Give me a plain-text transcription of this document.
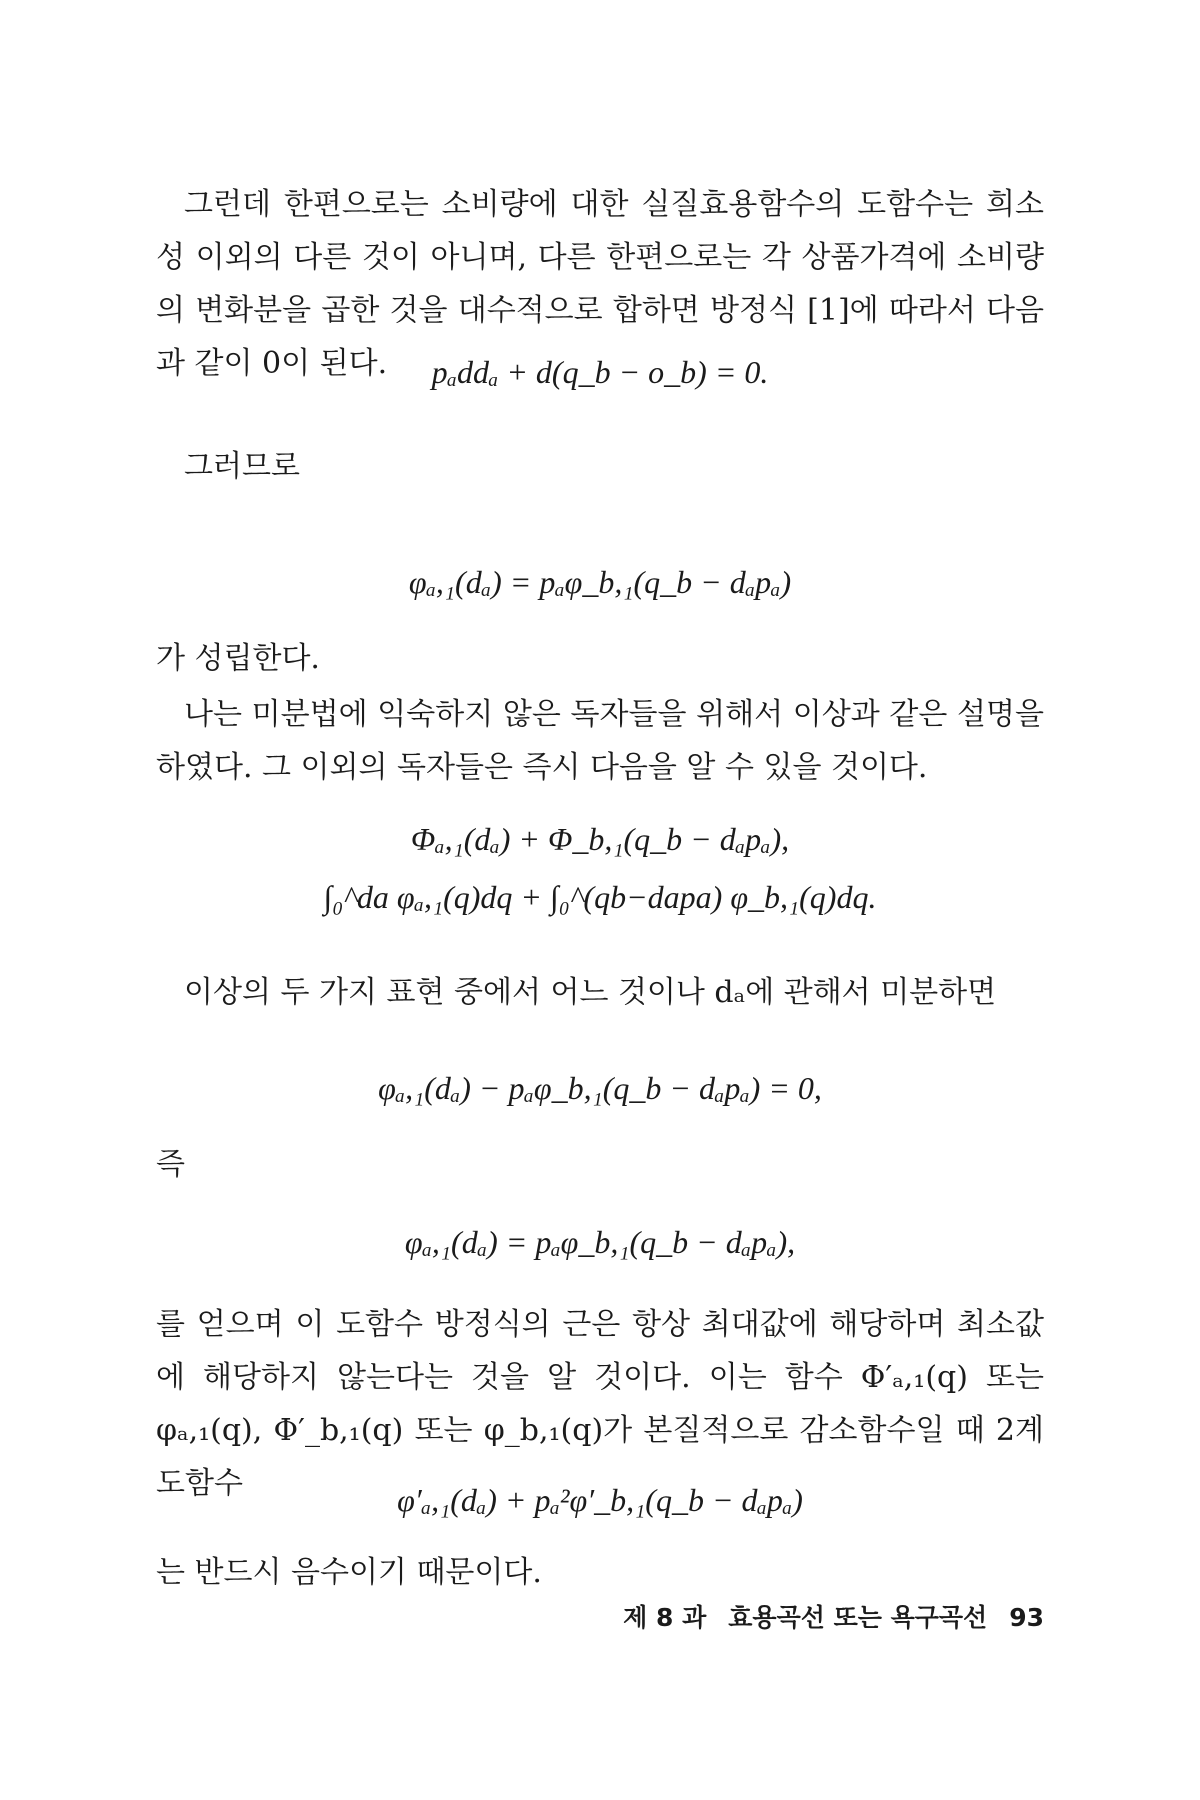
그런데 한편으로는 소비량에 대한 실질효용함수의 도함수는 희소성 이외의 다른 것이 아니며, 다른 한편으로는 각 상품가격에 소비량의 변화분을 곱한 것을 대수적으로 합하면 방정식 [1]에 따라서 다음과 같이 0이 된다.	pₐddₐ + d(q_b − o_b) = 0.

그러므로

φₐ,₁(dₐ) = pₐφ_b,₁(q_b − dₐpₐ)

가 성립한다.

나는 미분법에 익숙하지 않은 독자들을 위해서 이상과 같은 설명을 하였다. 그 이외의 독자들은 즉시 다음을 알 수 있을 것이다.

Φₐ,₁(dₐ) + Φ_b,₁(q_b − dₐpₐ),
∫₀^da φₐ,₁(q)dq + ∫₀^(qb−dapa) φ_b,₁(q)dq.

이상의 두 가지 표현 중에서 어느 것이나 dₐ에 관해서 미분하면

φₐ,₁(dₐ) − pₐφ_b,₁(q_b − dₐpₐ) = 0,

즉

φₐ,₁(dₐ) = pₐφ_b,₁(q_b − dₐpₐ),

를 얻으며 이 도함수 방정식의 근은 항상 최대값에 해당하며 최소값에 해당하지 않는다는 것을 알 것이다. 이는 함수 Φ′ₐ,₁(q) 또는 φₐ,₁(q), Φ′_b,₁(q) 또는 φ_b,₁(q)가 본질적으로 감소함수일 때 2계 도함수	φ′ₐ,₁(dₐ) + pₐ²φ′_b,₁(q_b − dₐpₐ)

는 반드시 음수이기 때문이다.

제 8 과 효용곡선 또는 욕구곡선 93
